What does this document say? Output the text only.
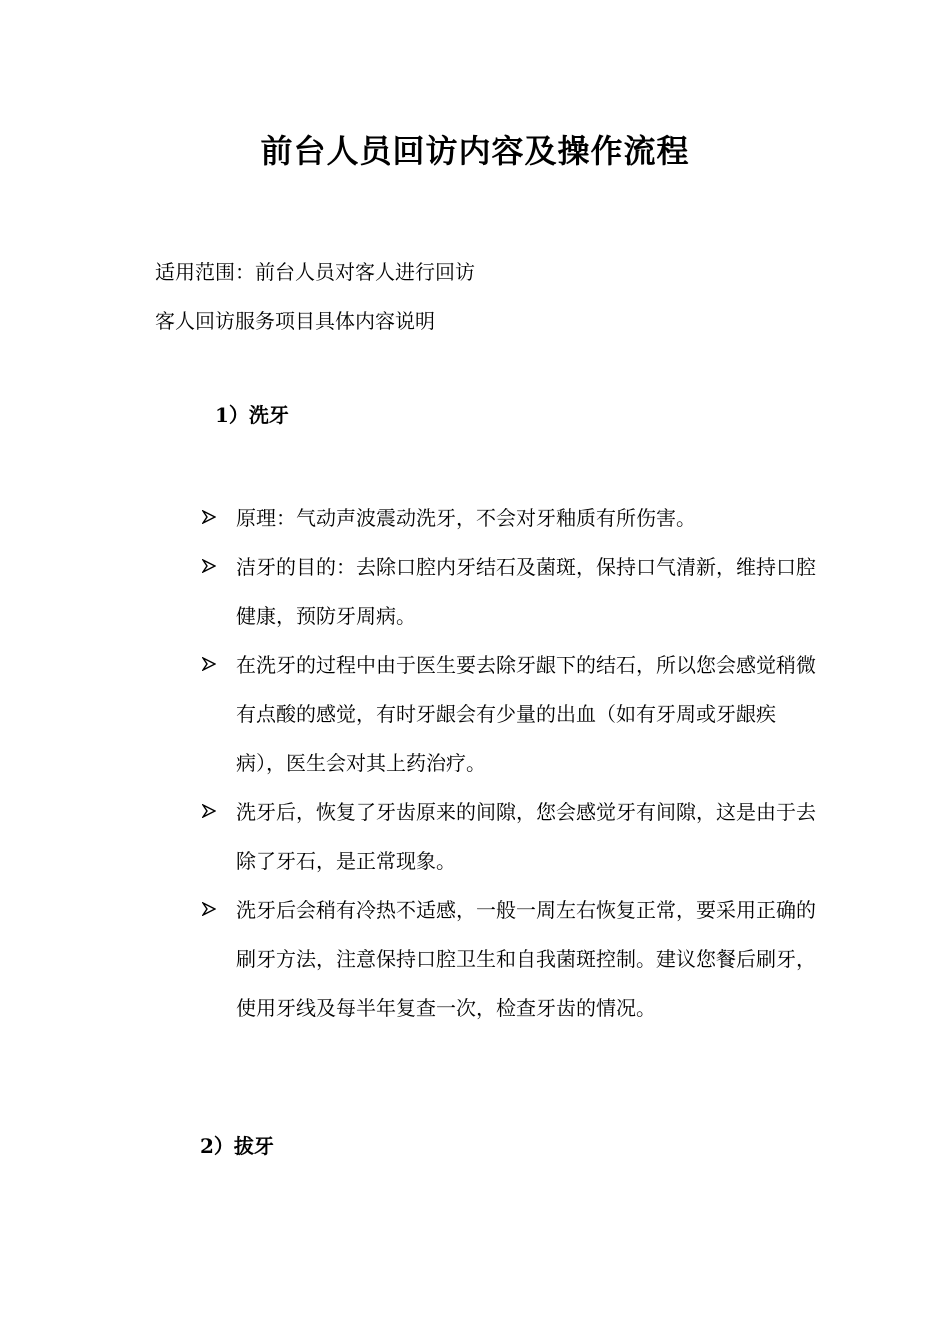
前台人员回访内容及操作流程

适用范围：前台人员对客人进行回访

客人回访服务项目具体内容说明

1）洗牙
原理：气动声波震动洗牙，不会对牙釉质有所伤害。
洁牙的目的：去除口腔内牙结石及菌斑，保持口气清新，维持口腔健康，预防牙周病。
在洗牙的过程中由于医生要去除牙龈下的结石，所以您会感觉稍微有点酸的感觉，有时牙龈会有少量的出血（如有牙周或牙龈疾病），医生会对其上药治疗。
洗牙后，恢复了牙齿原来的间隙，您会感觉牙有间隙，这是由于去除了牙石，是正常现象。
洗牙后会稍有冷热不适感，一般一周左右恢复正常，要采用正确的刷牙方法，注意保持口腔卫生和自我菌斑控制。建议您餐后刷牙，使用牙线及每半年复查一次，检查牙齿的情况。
2）拔牙
